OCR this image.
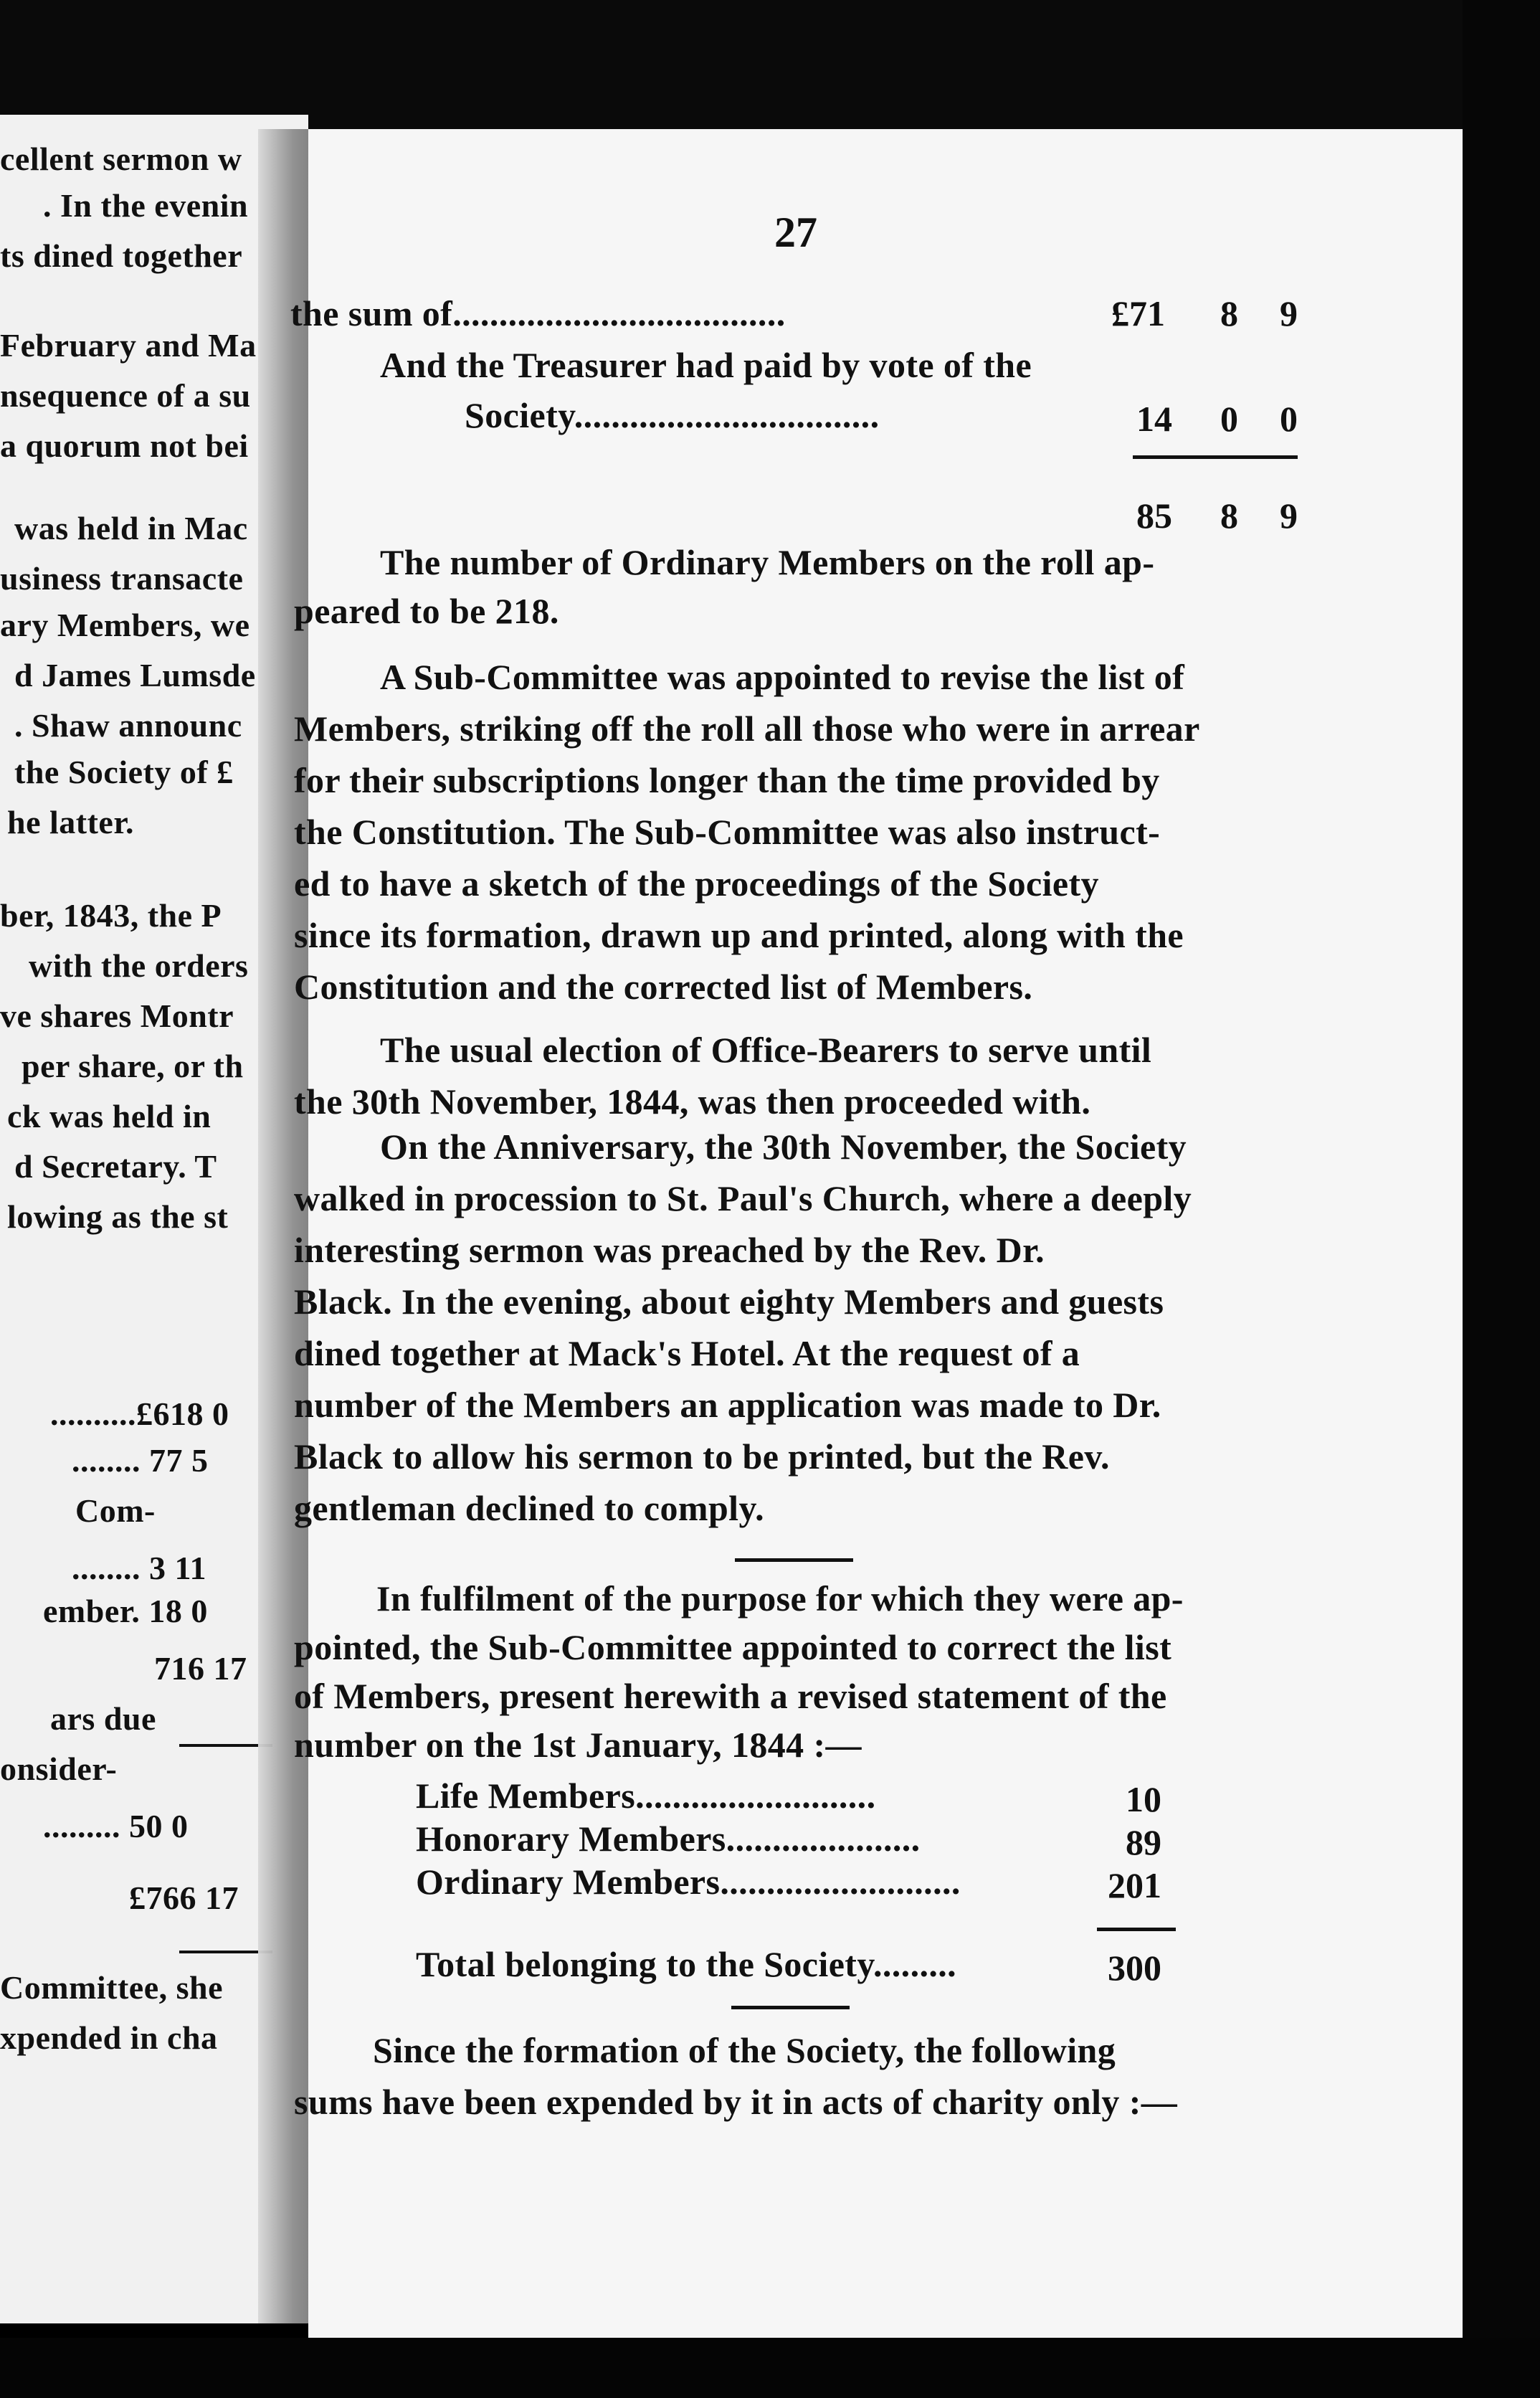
cellent sermon w
. In the evenin
ts dined together
February and Ma
nsequence of a su
a quorum not bei
was held in Mac
usiness transacte
ary Members, we
d James Lumsde
. Shaw announc
the Society of £
he latter.
ber, 1843, the P
with the orders
ve shares Montr
per share, or th
ck was held in
d Secretary. T
lowing as the st
..........£618 0
........ 77 5
Com-
........ 3 11
ember. 18 0
716 17
ars due
onsider-
......... 50 0
£766 17
Committee, she
xpended in cha
27
the sum of....................................	£71 8 9
And the Treasurer had paid by vote of the
Society.................................	14 0 0
85 8 9
The number of Ordinary Members on the roll ap-
peared to be 218.
A Sub-Committee was appointed to revise the list of
Members, striking off the roll all those who were in arrear
for their subscriptions longer than the time provided by
the Constitution. The Sub-Committee was also instruct-
ed to have a sketch of the proceedings of the Society
since its formation, drawn up and printed, along with the
Constitution and the corrected list of Members.
The usual election of Office-Bearers to serve until
the 30th November, 1844, was then proceeded with.
On the Anniversary, the 30th November, the Society
walked in procession to St. Paul's Church, where a deeply
interesting sermon was preached by the Rev. Dr.
Black. In the evening, about eighty Members and guests
dined together at Mack's Hotel. At the request of a
number of the Members an application was made to Dr.
Black to allow his sermon to be printed, but the Rev.
gentleman declined to comply.
In fulfilment of the purpose for which they were ap-
pointed, the Sub-Committee appointed to correct the list
of Members, present herewith a revised statement of the
number on the 1st January, 1844 :—
Since the formation of the Society, the following
sums have been expended by it in acts of charity only :—
Life Members..........................	10
Honorary Members.....................	89
Ordinary Members..........................	201
Total belonging to the Society.........	300
